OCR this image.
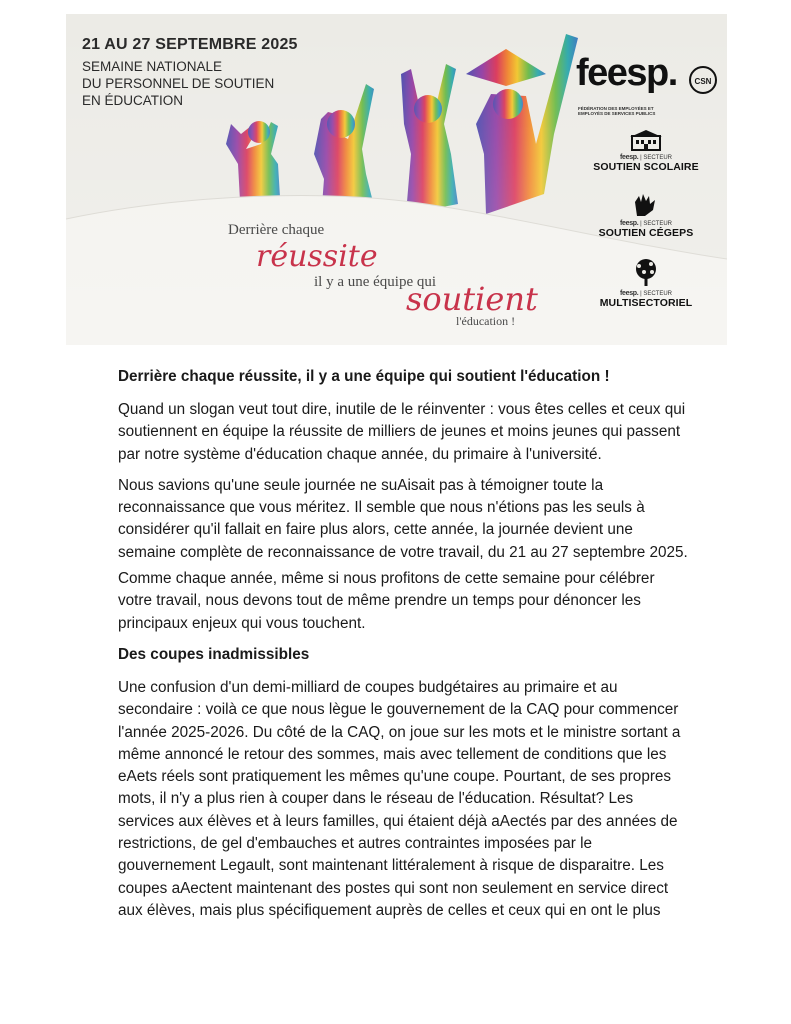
21 AU 27 SEPTEMBRE 2025
SEMAINE NATIONALE
DU PERSONNEL DE SOUTIEN
EN ÉDUCATION
Derrière chaque
réussite
il y a une équipe qui
soutient
l'éducation !
feesp.	CSN
FÉDÉRATION DES EMPLOYÉES ET EMPLOYÉS DE SERVICES PUBLICS
feesp. | SECTEUR
SOUTIEN SCOLAIRE
feesp. | SECTEUR
SOUTIEN CÉGEPS
feesp. | SECTEUR
MULTISECTORIEL
Derrière chaque réussite, il y a une équipe qui soutient l'éducation !

Quand un slogan veut tout dire, inutile de le réinventer : vous êtes celles et ceux qui soutiennent en équipe la réussite de milliers de jeunes et moins jeunes qui passent par notre système d'éducation chaque année, du primaire à l'université.

Nous savions qu'une seule journée ne suAisait pas à témoigner toute la reconnaissance que vous méritez. Il semble que nous n'étions pas les seuls à considérer qu'il fallait en faire plus alors, cette année, la journée devient une semaine complète de reconnaissance de votre travail, du 21 au 27 septembre 2025.

Comme chaque année, même si nous profitons de cette semaine pour célébrer votre travail, nous devons tout de même prendre un temps pour dénoncer les principaux enjeux qui vous touchent.

Des coupes inadmissibles

Une confusion d'un demi-milliard de coupes budgétaires au primaire et au secondaire : voilà ce que nous lègue le gouvernement de la CAQ pour commencer l'année 2025-2026. Du côté de la CAQ, on joue sur les mots et le ministre sortant a même annoncé le retour des sommes, mais avec tellement de conditions que les eAets réels sont pratiquement les mêmes qu'une coupe. Pourtant, de ses propres mots, il n'y a plus rien à couper dans le réseau de l'éducation. Résultat? Les services aux élèves et à leurs familles, qui étaient déjà aAectés par des années de restrictions, de gel d'embauches et autres contraintes imposées par le gouvernement Legault, sont maintenant littéralement à risque de disparaitre. Les coupes aAectent maintenant des postes qui sont non seulement en service direct aux élèves, mais plus spécifiquement auprès de celles et ceux qui en ont le plus
